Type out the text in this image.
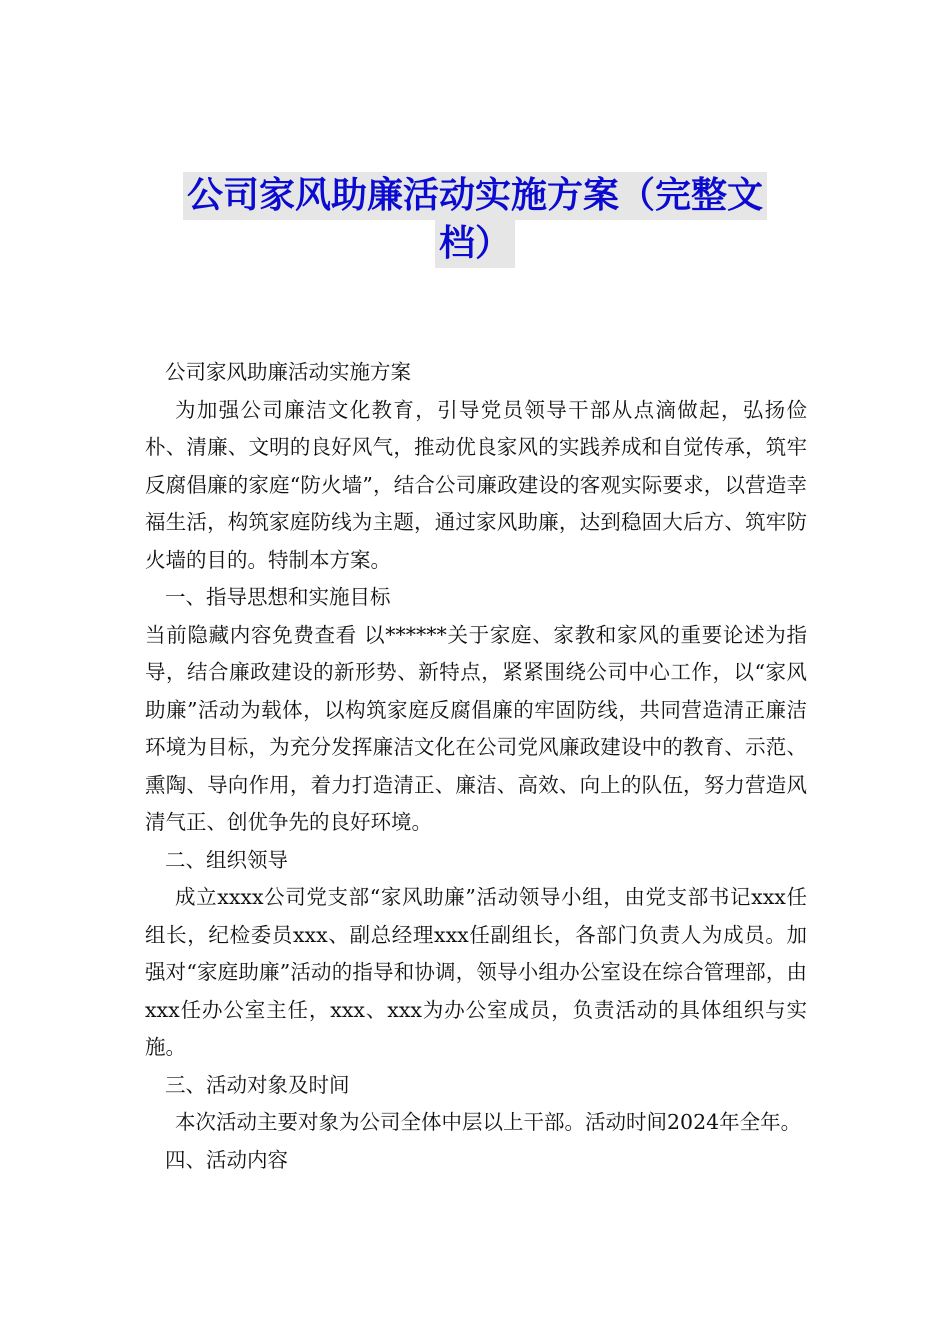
公司家风助廉活动实施方案（完整文
档）

公司家风助廉活动实施方案

为加强公司廉洁文化教育，引导党员领导干部从点滴做起，弘扬俭朴、清廉、文明的良好风气，推动优良家风的实践养成和自觉传承，筑牢反腐倡廉的家庭“防火墙”，结合公司廉政建设的客观实际要求，以营造幸福生活，构筑家庭防线为主题，通过家风助廉，达到稳固大后方、筑牢防火墙的目的。特制本方案。

一、指导思想和实施目标

当前隐藏内容免费查看 以******关于家庭、家教和家风的重要论述为指导，结合廉政建设的新形势、新特点，紧紧围绕公司中心工作，以“家风助廉”活动为载体，以构筑家庭反腐倡廉的牢固防线，共同营造清正廉洁环境为目标，为充分发挥廉洁文化在公司党风廉政建设中的教育、示范、熏陶、导向作用，着力打造清正、廉洁、高效、向上的队伍，努力营造风清气正、创优争先的良好环境。

二、组织领导

成立xxxx公司党支部“家风助廉”活动领导小组，由党支部书记xxx任组长，纪检委员xxx、副总经理xxx任副组长，各部门负责人为成员。加强对“家庭助廉”活动的指导和协调，领导小组办公室设在综合管理部，由xxx任办公室主任，xxx、xxx为办公室成员，负责活动的具体组织与实施。

三、活动对象及时间

本次活动主要对象为公司全体中层以上干部。活动时间2024年全年。

四、活动内容
